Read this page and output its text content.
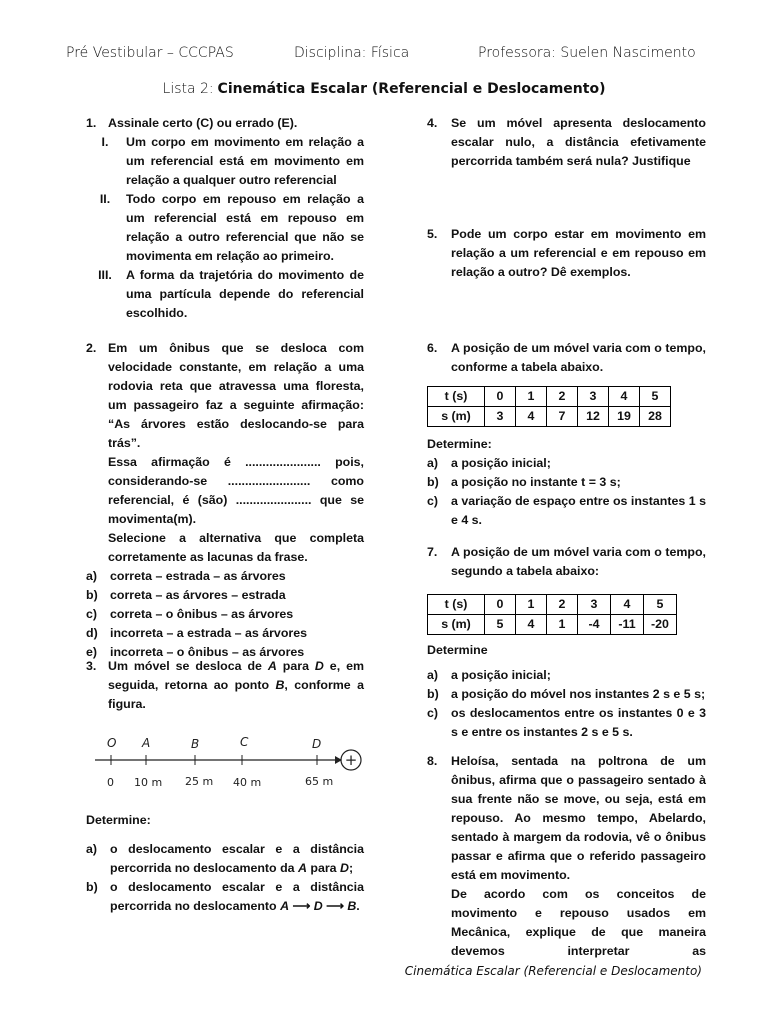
Pré Vestibular – CCCPAS	Disciplina: Física	Professora: Suelen Nascimento
Lista 2: Cinemática Escalar (Referencial e Deslocamento)
1. Assinale certo (C) ou errado (E).
I.	Um corpo em movimento em relação a um referencial está em movimento em relação a qualquer outro referencial
II.	Todo corpo em repouso em relação a um referencial está em repouso em relação a outro referencial que não se movimenta em relação ao primeiro.
III.	A forma da trajetória do movimento de uma partícula depende do referencial escolhido.
2. Em um ônibus que se desloca com velocidade constante, em relação a uma rodovia reta que atravessa uma floresta, um passageiro faz a seguinte afirmação: “As árvores estão deslocando-se para trás”.
Essa afirmação é ...................... pois, considerando-se ........................ como referencial, é (são) ...................... que se movimenta(m).
Selecione a alternativa que completa corretamente as lacunas da frase.
a)	correta – estrada – as árvores
b) correta – as árvores – estrada
c)	correta – o ônibus – as árvores
d) incorreta – a estrada – as árvores
e)	incorreta – o ônibus – as árvores
3. Um móvel se desloca de A para D e, em seguida, retorna ao ponto B, conforme a figura.
O A	B	C	D
+
0 10 m 25 m 40 m	65 m
Determine:
a)	o deslocamento escalar e a distância percorrida no deslocamento da A para D;
b) o deslocamento escalar e a distância percorrida no deslocamento A ⟶ D ⟶ B.
4.	Se um móvel apresenta deslocamento escalar nulo, a distância efetivamente percorrida também será nula? Justifique
5.	Pode um corpo estar em movimento em relação a um referencial e em repouso em relação a outro? Dê exemplos.
6.	A posição de um móvel varia com o tempo, conforme a tabela abaixo.
t (s)	0	1	2	3	4	5
s (m)	3	4	7	12	19	28
Determine:
a)	a posição inicial;
b) a posição no instante t = 3 s;
c)	a variação de espaço entre os instantes 1 s e 4 s.
7.	A posição de um móvel varia com o tempo, segundo a tabela abaixo:
t (s)	0	1	2	3	4	5
s (m)	5	4	1	-4	-11	-20
Determine
a)	a posição inicial;
b) a posição do móvel nos instantes 2 s e 5 s;
c)	os deslocamentos entre os instantes 0 e 3 s e entre os instantes 2 s e 5 s.
8.	Heloísa, sentada na poltrona de um ônibus, afirma que o passageiro sentado à sua frente não se move, ou seja, está em repouso. Ao mesmo tempo, Abelardo, sentado à margem da rodovia, vê o ônibus passar e afirma que o referido passageiro está em movimento.
De acordo com os conceitos de movimento e repouso usados em Mecânica, explique de que maneira devemos interpretar as
Cinemática Escalar (Referencial e Deslocamento)
